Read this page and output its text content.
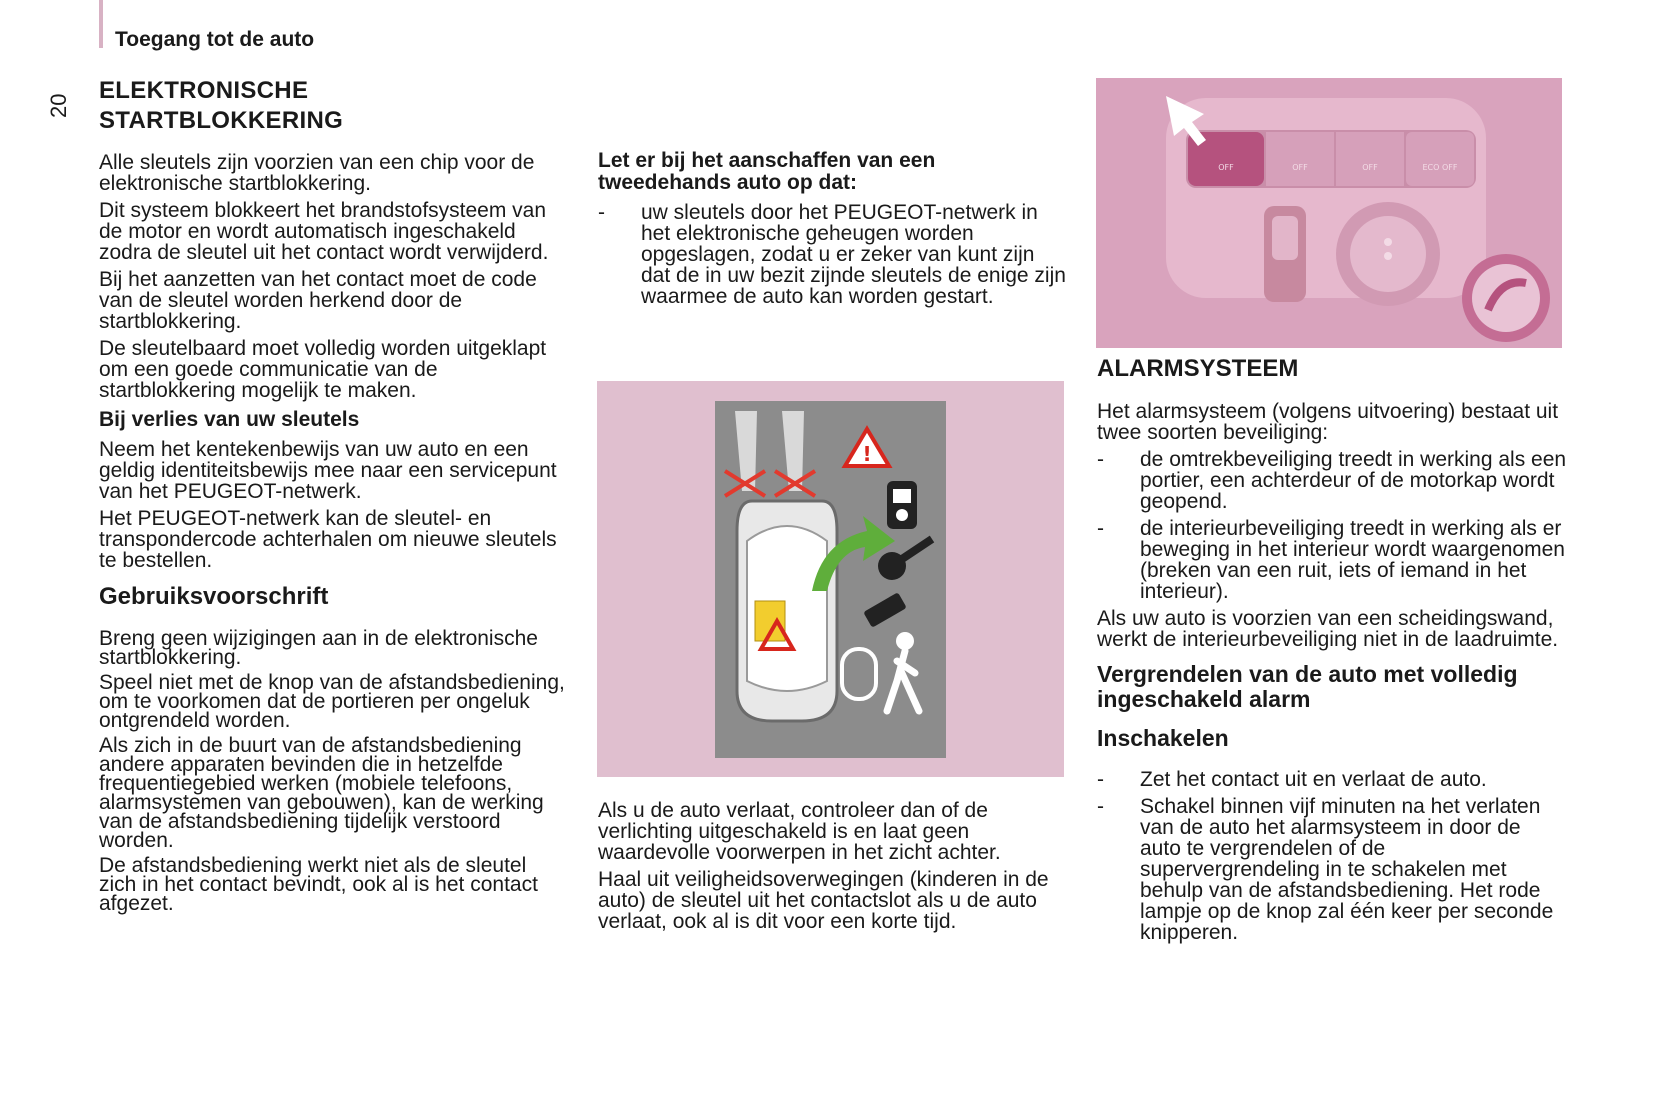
Toegang tot de auto
20
ELEKTRONISCHE
STARTBLOKKERING

Alle sleutels zijn voorzien van een chip voor de elektronische startblokkering.

Dit systeem blokkeert het brandstofsysteem van de motor en wordt automatisch ingeschakeld zodra de sleutel uit het contact wordt verwijderd.

Bij het aanzetten van het contact moet de code van de sleutel worden herkend door de startblokkering.

De sleutelbaard moet volledig worden uitgeklapt om een goede communicatie van de startblokkering mogelijk te maken.

Bij verlies van uw sleutels

Neem het kentekenbewijs van uw auto en een geldig identiteitsbewijs mee naar een servicepunt van het PEUGEOT-netwerk.

Het PEUGEOT-netwerk kan de sleutel- en transpondercode achterhalen om nieuwe sleutels te bestellen.

Gebruiksvoorschrift

Breng geen wijzigingen aan in de elektronische startblokkering.

Speel niet met de knop van de afstandsbediening, om te voorkomen dat de portieren per ongeluk ontgrendeld worden.

Als zich in de buurt van de afstandsbediening andere apparaten bevinden die in hetzelfde frequentiegebied werken (mobiele telefoons, alarmsystemen van gebouwen), kan de werking van de afstandsbediening tijdelijk verstoord worden.

De afstandsbediening werkt niet als de sleutel zich in het contact bevindt, ook al is het contact afgezet.

Let er bij het aanschaffen van een tweedehands auto op dat:
- uw sleutels door het PEUGEOT-netwerk in het elektronische geheugen worden opgeslagen, zodat u er zeker van kunt zijn dat de in uw bezit zijnde sleutels de enige zijn waarmee de auto kan worden gestart.
!

Als u de auto verlaat, controleer dan of de verlichting uitgeschakeld is en laat geen waardevolle voorwerpen in het zicht achter.

Haal uit veiligheidsoverwegingen (kinderen in de auto) de sleutel uit het contactslot als u de auto verlaat, ook al is dit voor een korte tijd.

OFF	OFF	OFF	ECO OFF
ALARMSYSTEEM

Het alarmsysteem (volgens uitvoering) bestaat uit twee soorten beveiliging:

- de omtrekbeveiliging treedt in werking als een portier, een achterdeur of de motorkap wordt geopend.
- de interieurbeveiliging treedt in werking als er beweging in het interieur wordt waargenomen (breken van een ruit, iets of iemand in het interieur).

Als uw auto is voorzien van een scheidingswand, werkt de interieurbeveiliging niet in de laadruimte.

Vergrendelen van de auto met volledig ingeschakeld alarm
Inschakelen
- Zet het contact uit en verlaat de auto.
- Schakel binnen vijf minuten na het verlaten van de auto het alarmsysteem in door de auto te vergrendelen of de supervergrendeling in te schakelen met behulp van de afstandsbediening. Het rode lampje op de knop zal één keer per seconde knipperen.
